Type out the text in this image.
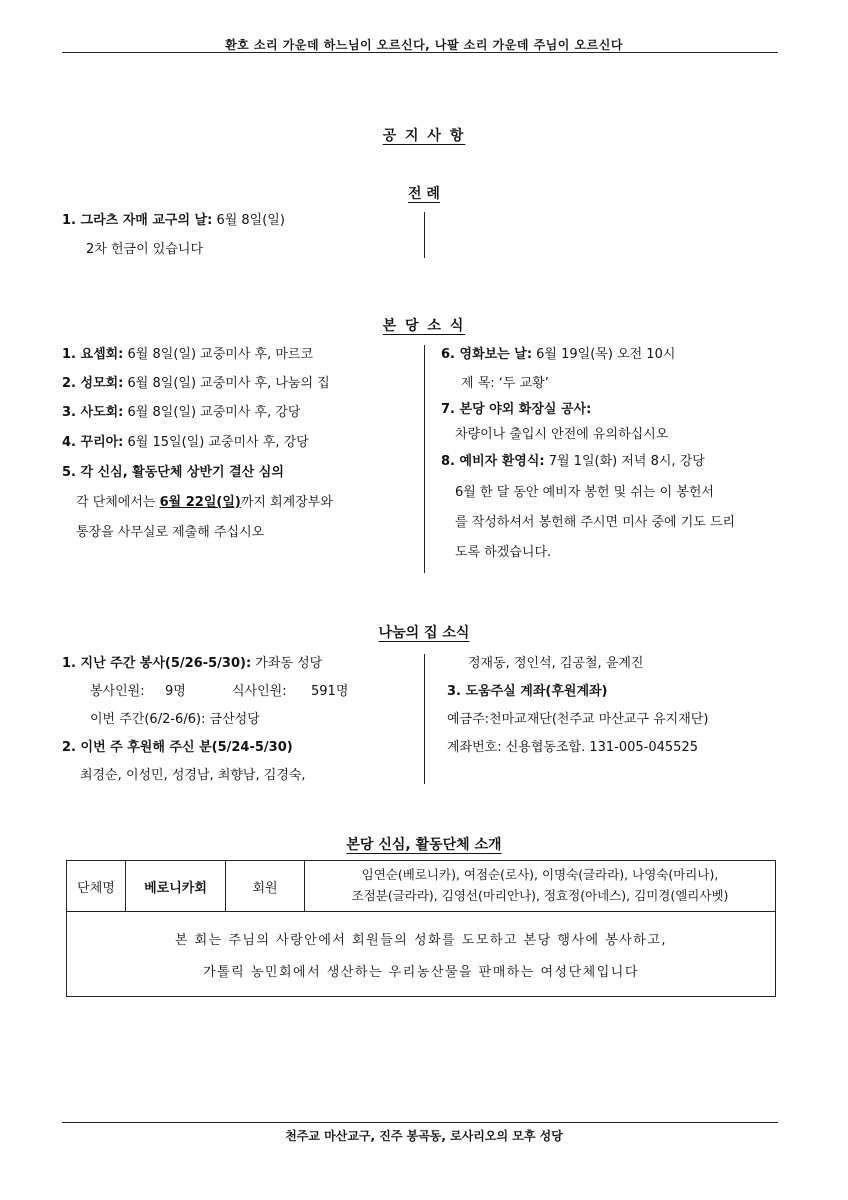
환호 소리 가운데 하느님이 오르신다, 나팔 소리 가운데 주님이 오르신다
공 지 사 항
전 례
1. 그라츠 자매 교구의 날: 6월 8일(일)
2차 헌금이 있습니다
본 당 소 식
1. 요셉회: 6월 8일(일) 교중미사 후, 마르코
2. 성모회: 6월 8일(일) 교중미사 후, 나눔의 집
3. 사도회: 6월 8일(일) 교중미사 후, 강당
4. 꾸리아: 6월 15일(일) 교중미사 후, 강당
5. 각 신심, 활동단체 상반기 결산 심의
각 단체에서는 6월 22일(일)까지 회계장부와
통장을 사무실로 제출해 주십시오
6. 영화보는 날: 6월 19일(목) 오전 10시
제 목: ‘두 교황’
7. 본당 야외 화장실 공사:
차량이나 출입시 안전에 유의하십시오
8. 예비자 환영식: 7월 1일(화) 저녁 8시, 강당
6월 한 달 동안 예비자 봉헌 및 쉬는 이 봉헌서
를 작성하셔서 봉헌해 주시면 미사 중에 기도 드리
도록 하겠습니다.
나눔의 집 소식
1. 지난 주간 봉사(5/26-5/30): 가좌동 성당
봉사인원: 9명	식사인원: 591명
이번 주간(6/2-6/6): 금산성당
2. 이번 주 후원해 주신 분(5/24-5/30)
최경순, 이성민, 성경남, 최향남, 김경숙,
정재동, 정인석, 김공철, 윤계진
3. 도움주실 계좌(후원계좌)
예금주:천마교재단(천주교 마산교구 유지재단)
계좌번호: 신용협동조합. 131-005-045525
본당 신심, 활동단체 소개
단체명	베로니카회	회원
임연순(베로니카), 여점순(로사), 이명숙(글라라), 나영숙(마리나),
조점분(글라라), 김영선(마리안나), 정효정(아네스), 김미경(엘리사벳)
본 회는 주님의 사랑안에서 회원들의 성화를 도모하고 본당 행사에 봉사하고,
가톨릭 농민회에서 생산하는 우리농산물을 판매하는 여성단체입니다
천주교 마산교구, 진주 봉곡동, 로사리오의 모후 성당
